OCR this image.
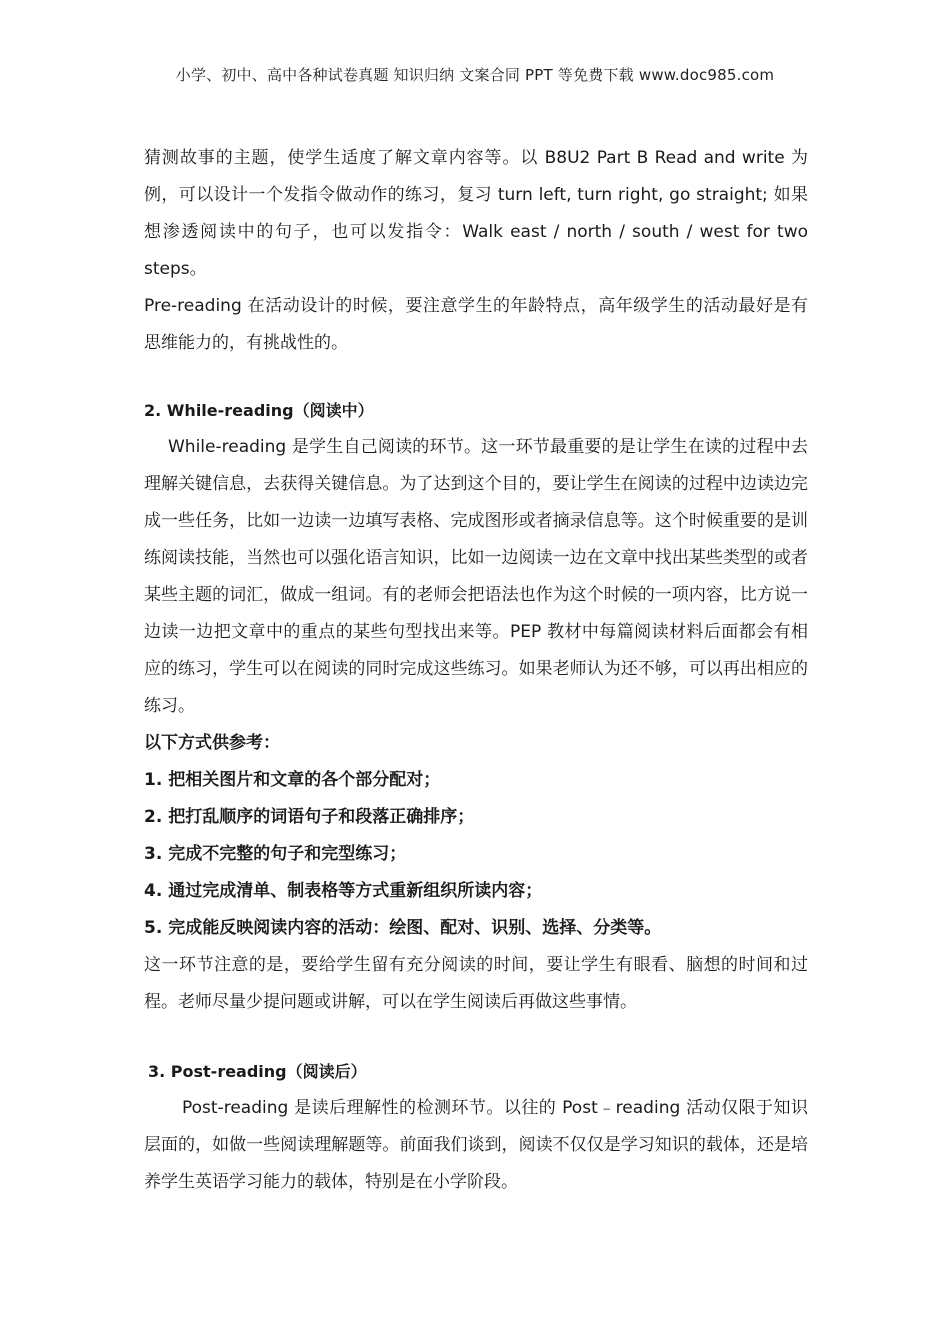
小学、初中、高中各种试卷真题 知识归纳 文案合同 PPT 等免费下载 www.doc985.com

猜测故事的主题，使学生适度了解文章内容等。以 B8U2 Part B Read and write 为例，可以设计一个发指令做动作的练习，复习 turn left, turn right, go straight; 如果想渗透阅读中的句子，也可以发指令：Walk east / north / south / west for two steps。

Pre-reading 在活动设计的时候，要注意学生的年龄特点，高年级学生的活动最好是有思维能力的，有挑战性的。

2. While-reading（阅读中）

While-reading 是学生自己阅读的环节。这一环节最重要的是让学生在读的过程中去理解关键信息，去获得关键信息。为了达到这个目的，要让学生在阅读的过程中边读边完成一些任务，比如一边读一边填写表格、完成图形或者摘录信息等。这个时候重要的是训练阅读技能，当然也可以强化语言知识，比如一边阅读一边在文章中找出某些类型的或者某些主题的词汇，做成一组词。有的老师会把语法也作为这个时候的一项内容，比方说一边读一边把文章中的重点的某些句型找出来等。PEP 教材中每篇阅读材料后面都会有相应的练习，学生可以在阅读的同时完成这些练习。如果老师认为还不够，可以再出相应的练习。

以下方式供参考：

1. 把相关图片和文章的各个部分配对；

2. 把打乱顺序的词语句子和段落正确排序；

3. 完成不完整的句子和完型练习；

4. 通过完成清单、制表格等方式重新组织所读内容；

5. 完成能反映阅读内容的活动：绘图、配对、识别、选择、分类等。

这一环节注意的是，要给学生留有充分阅读的时间，要让学生有眼看、脑想的时间和过程。老师尽量少提问题或讲解，可以在学生阅读后再做这些事情。

3. Post-reading（阅读后）

Post-reading 是读后理解性的检测环节。以往的 Post﹣reading 活动仅限于知识层面的，如做一些阅读理解题等。前面我们谈到，阅读不仅仅是学习知识的载体，还是培养学生英语学习能力的载体，特别是在小学阶段。
